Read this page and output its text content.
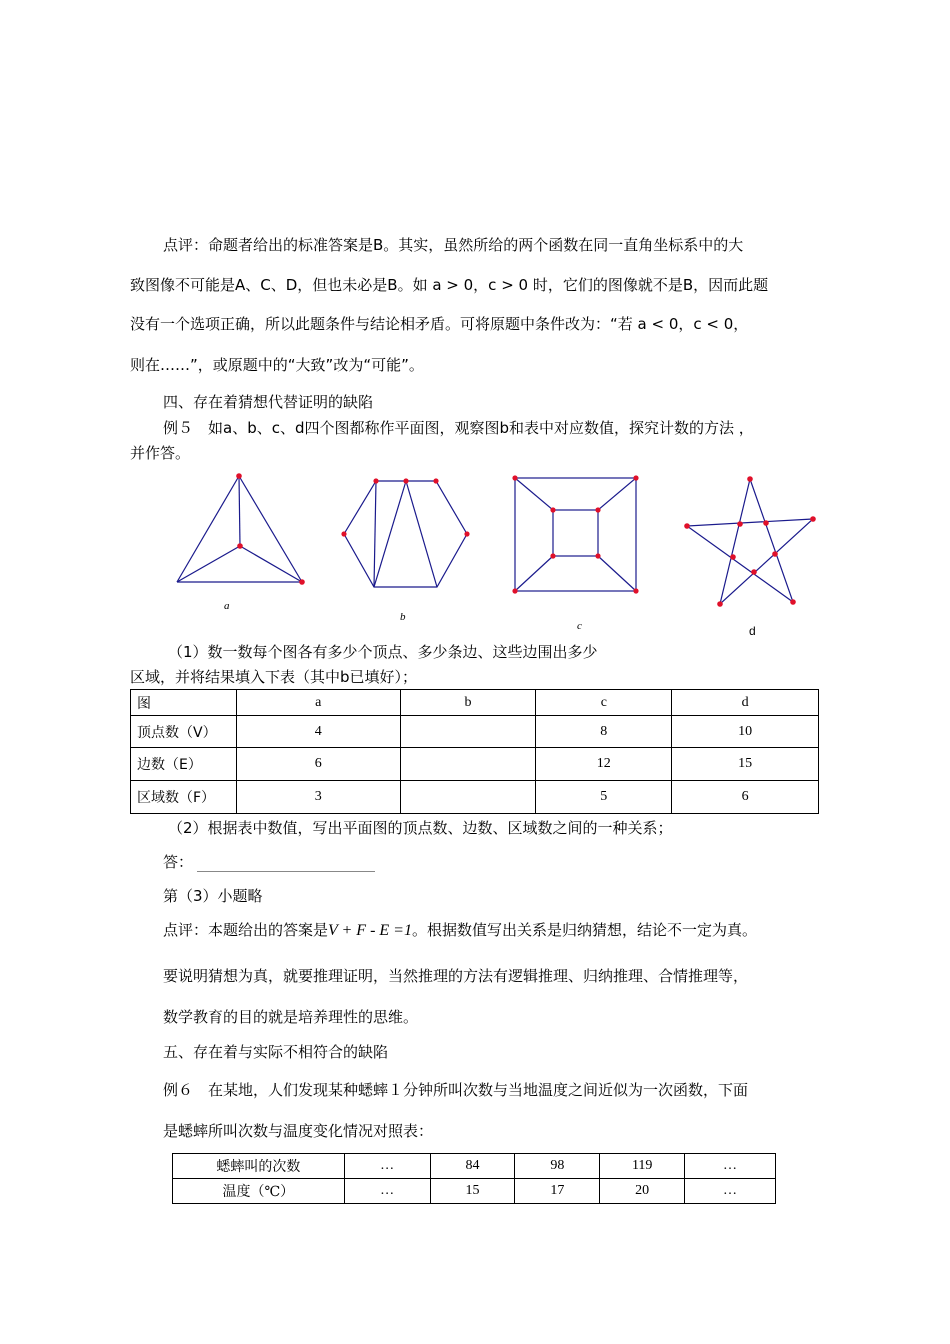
点评：命题者给出的标准答案是B。其实，虽然所给的两个函数在同一直角坐标系中的大
致图像不可能是A、C、D，但也未必是B。如 a > 0，c > 0 时，它们的图像就不是B，因而此题
没有一个选项正确，所以此题条件与结论相矛盾。可将原题中条件改为：“若 a < 0，c < 0，
则在……”，或原题中的“大致”改为“可能”。
四、存在着猜想代替证明的缺陷
例５　如a、b、c、d四个图都称作平面图，观察图b和表中对应数值，探究计数的方法 ，
并作答。
a
b
c	d
（1）数一数每个图各有多少个顶点、多少条边、这些边围出多少
区域，并将结果填入下表（其中b已填好）；
图	a	b	c	d
顶点数（V）	4		8	10
边数（E）	6		12	15
区域数（F）	3		5	6
（2）根据表中数值，写出平面图的顶点数、边数、区域数之间的一种关系；
答：
第（3）小题略
点评：本题给出的答案是V + F - E =1。根据数值写出关系是归纳猜想，结论不一定为真。
要说明猜想为真，就要推理证明，当然推理的方法有逻辑推理、归纳推理、合情推理等，
数学教育的目的就是培养理性的思维。
五、存在着与实际不相符合的缺陷
例６　在某地，人们发现某种蟋蟀１分钟所叫次数与当地温度之间近似为一次函数，下面
是蟋蟀所叫次数与温度变化情况对照表：
蟋蟀叫的次数	…	84	98	119	…
温度（℃）	…	15	17	20	…
